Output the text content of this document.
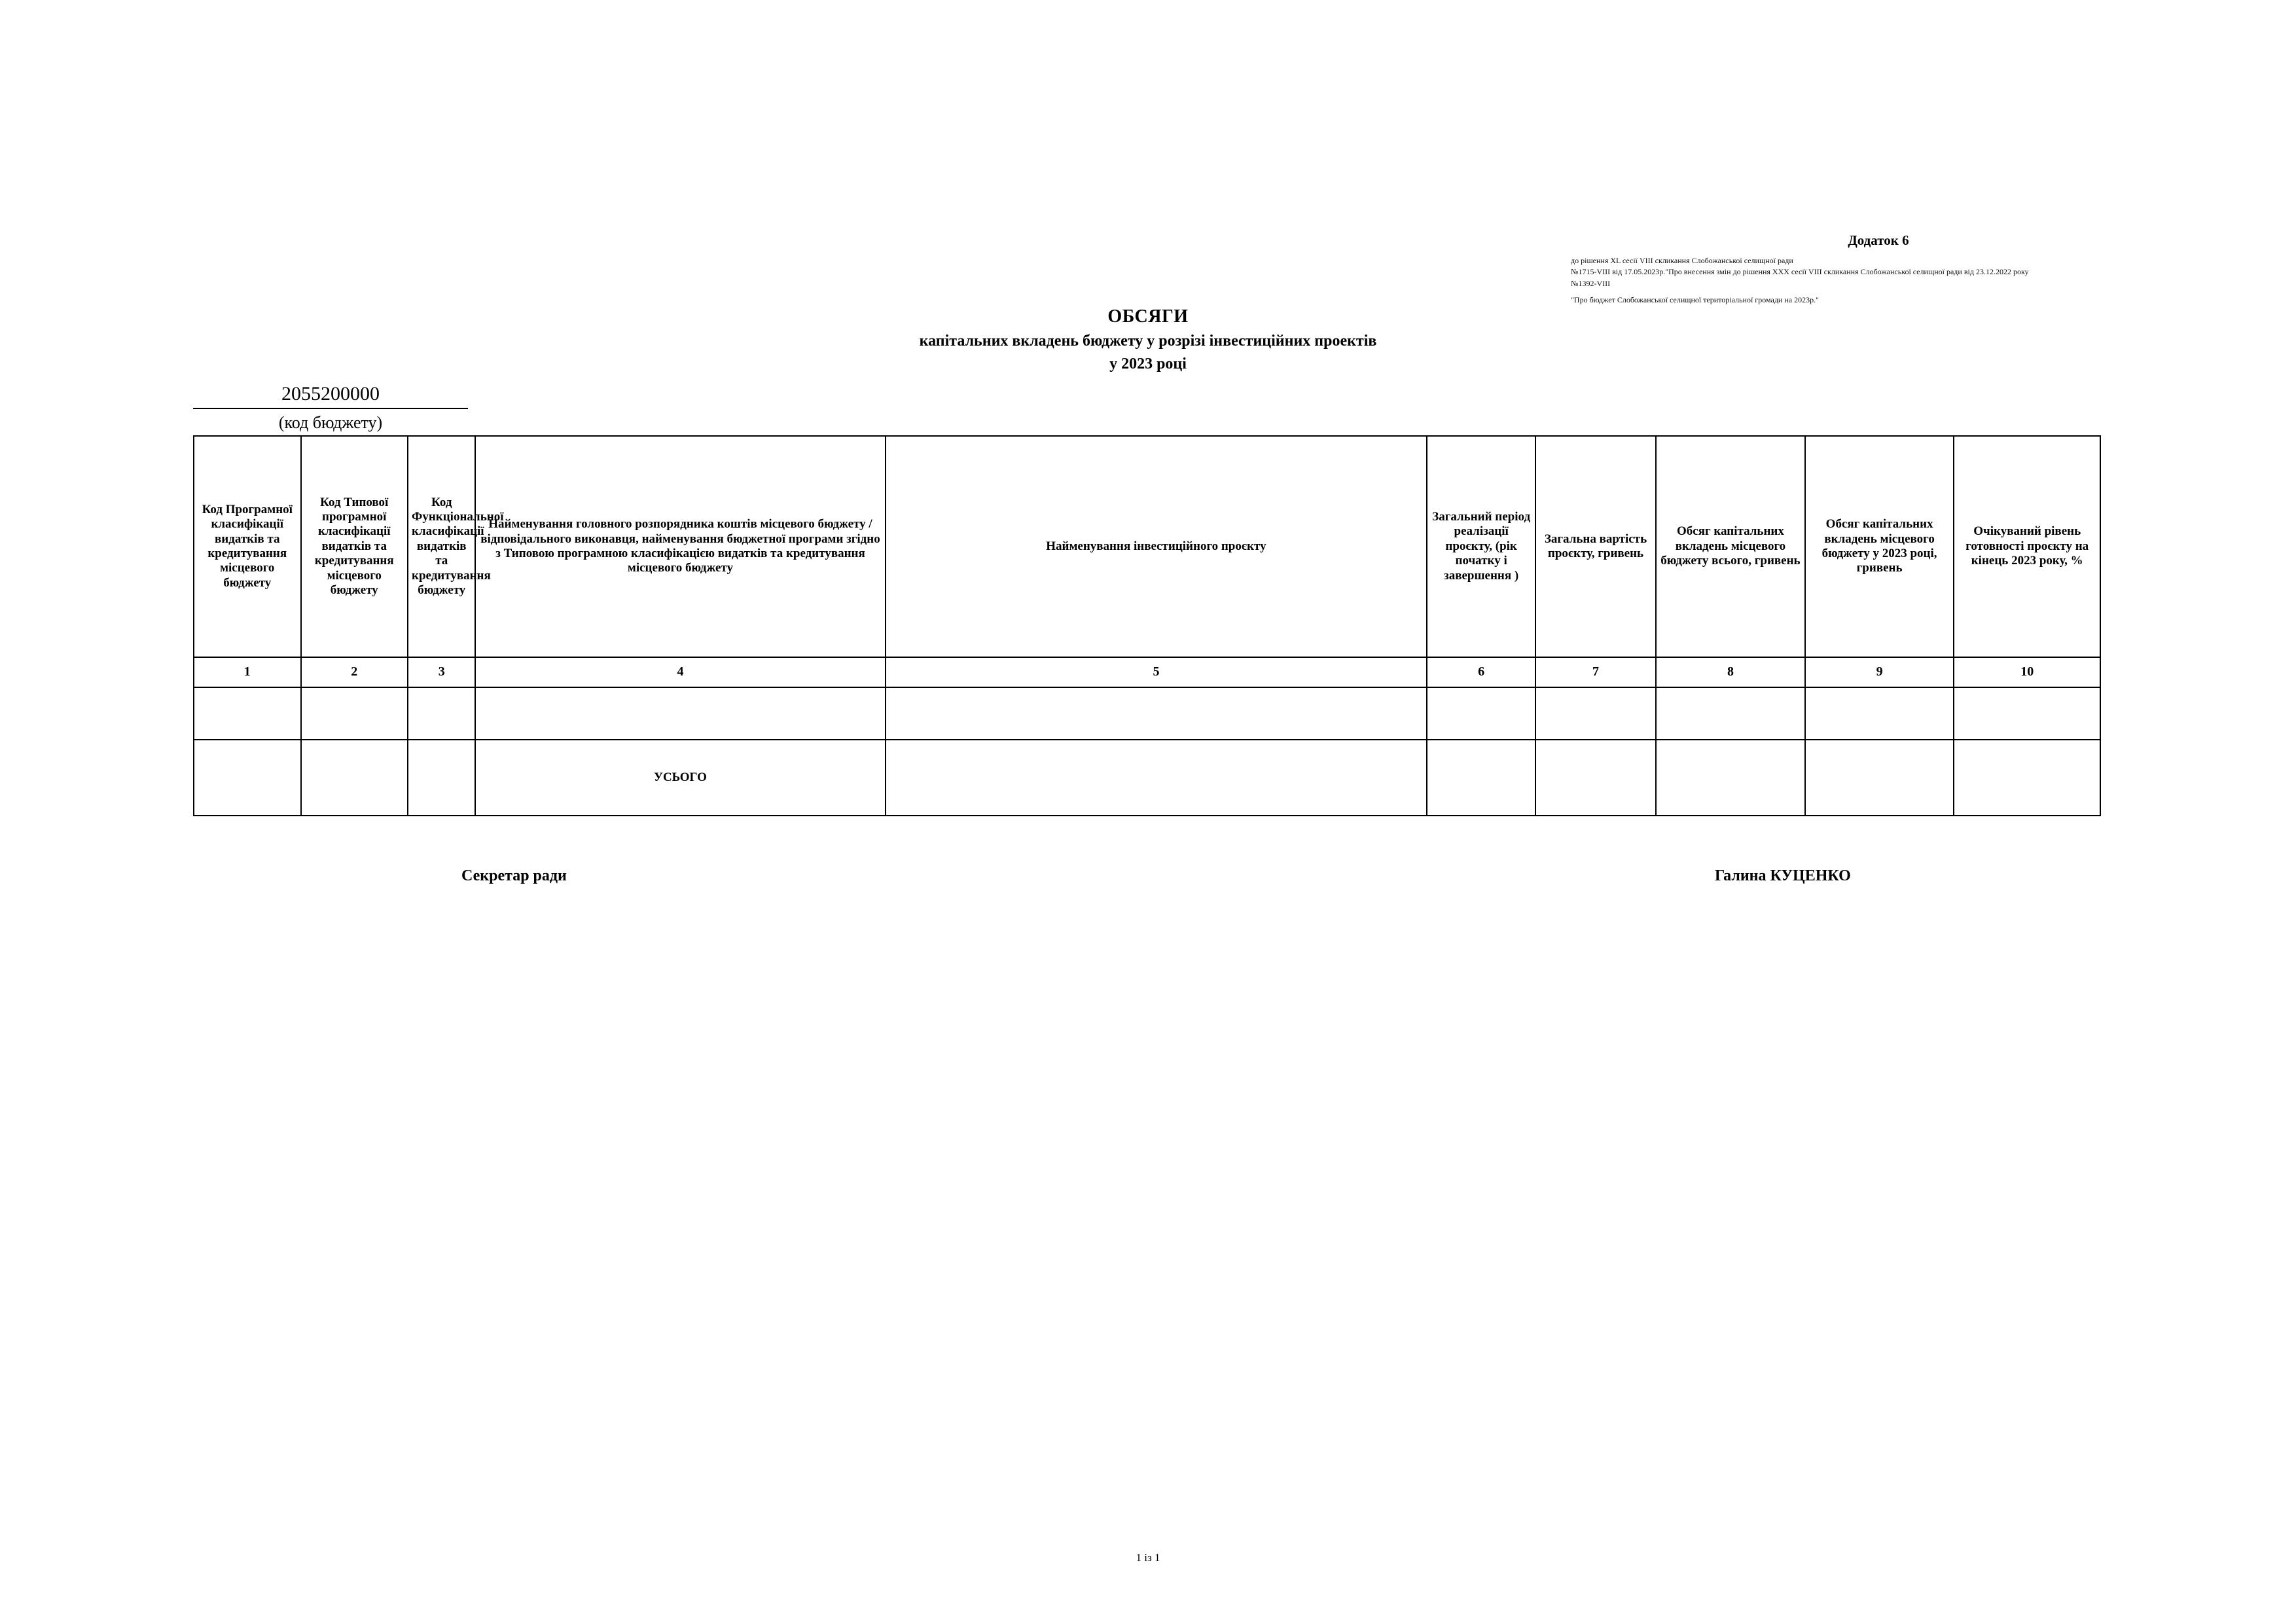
Додаток 6
до рішення XL сесії VIII скликання Слобожанської селищної ради
№1715-VIII від 17.05.2023р."Про внесення змін до рішення XXX сесії VIII скликання Слобожанської селищної ради від 23.12.2022 року
№1392-VIII
"Про бюджет Слобожанської селищної територіальної громади на 2023р."
ОБСЯГИ
капітальних вкладень бюджету у розрізі інвестиційних проектів
у 2023 році
2055200000
(код бюджету)
Код Програмної класифікації видатків та кредитування місцевого бюджету	Код Типової програмної класифікації видатків та кредитування місцевого бюджету	Код Функціональної класифікації видатків та кредитування бюджету	Найменування головного розпорядника коштів місцевого бюджету / відповідального виконавця, найменування бюджетної програми згідно з Типовою програмною класифікацією видатків та кредитування місцевого бюджету	Найменування інвестиційного проєкту	Загальний період реалізації проєкту, (рік початку і завершення )	Загальна вартість проєкту, гривень	Обсяг капітальних вкладень місцевого бюджету всього, гривень	Обсяг капітальних вкладень місцевого бюджету у 2023 році, гривень	Очікуваний рівень готовності проєкту на кінець 2023 року, %
1	2	3	4	5	6	7	8	9	10

			УСЬОГО						
Секретар ради	Галина КУЦЕНКО
1 із 1
